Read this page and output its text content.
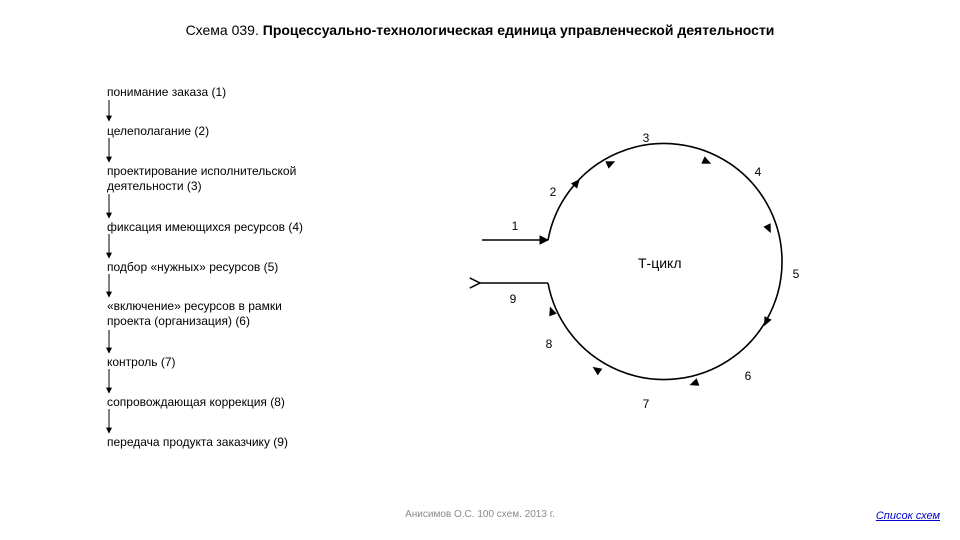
Схема 039. Процессуально-технологическая единица управленческой деятельности
понимание заказа (1)
целеполагание (2)
проектирование исполнительской
деятельности (3)
фиксация имеющихся ресурсов (4)
подбор «нужных» ресурсов (5)
«включение» ресурсов в рамки
проекта (организация) (6)
контроль (7)
сопровождающая коррекция (8)
передача продукта заказчику (9)
1
2
3
4
5
6
7
8
9
Т-цикл
Анисимов О.С. 100 схем. 2013 г.	Список схем
